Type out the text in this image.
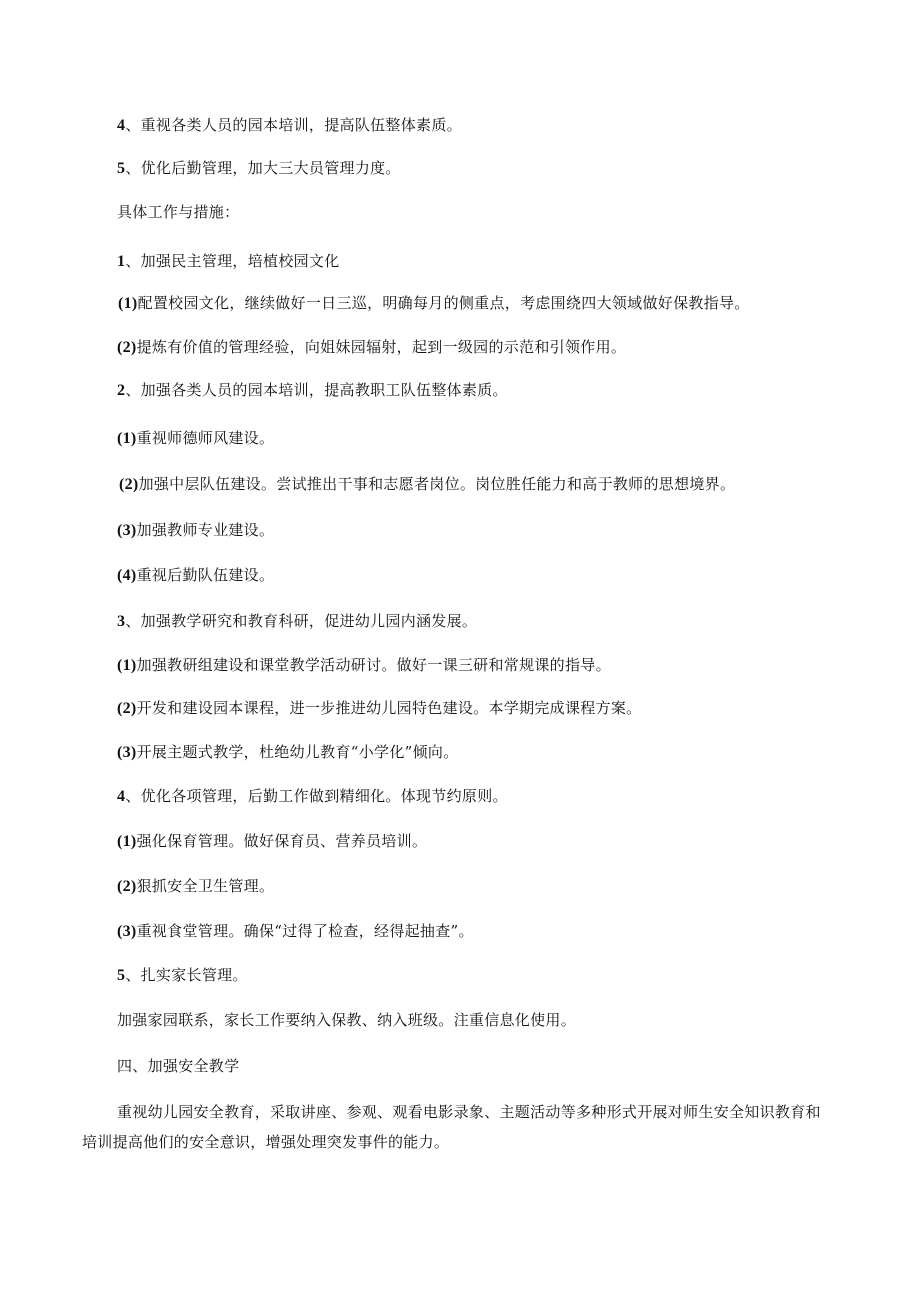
4、重视各类人员的园本培训，提高队伍整体素质。
5、优化后勤管理，加大三大员管理力度。
具体工作与措施：
1、加强民主管理，培植校园文化
(1)配置校园文化，继续做好一日三巡，明确每月的侧重点，考虑围绕四大领域做好保教指导。
(2)提炼有价值的管理经验，向姐妹园辐射，起到一级园的示范和引领作用。
2、加强各类人员的园本培训，提高教职工队伍整体素质。
(1)重视师德师风建设。
(2)加强中层队伍建设。尝试推出干事和志愿者岗位。岗位胜任能力和高于教师的思想境界。
(3)加强教师专业建设。
(4)重视后勤队伍建设。
3、加强教学研究和教育科研，促进幼儿园内涵发展。
(1)加强教研组建设和课堂教学活动研讨。做好一课三研和常规课的指导。
(2)开发和建设园本课程，进一步推进幼儿园特色建设。本学期完成课程方案。
(3)开展主题式教学，杜绝幼儿教育“小学化”倾向。
4、优化各项管理，后勤工作做到精细化。体现节约原则。
(1)强化保育管理。做好保育员、营养员培训。
(2)狠抓安全卫生管理。
(3)重视食堂管理。确保“过得了检查，经得起抽查”。
5、扎实家长管理。
加强家园联系，家长工作要纳入保教、纳入班级。注重信息化使用。
四、加强安全教学
重视幼儿园安全教育，采取讲座、参观、观看电影录象、主题活动等多种形式开展对师生安全知识教育和培训提高他们的安全意识，增强处理突发事件的能力。
